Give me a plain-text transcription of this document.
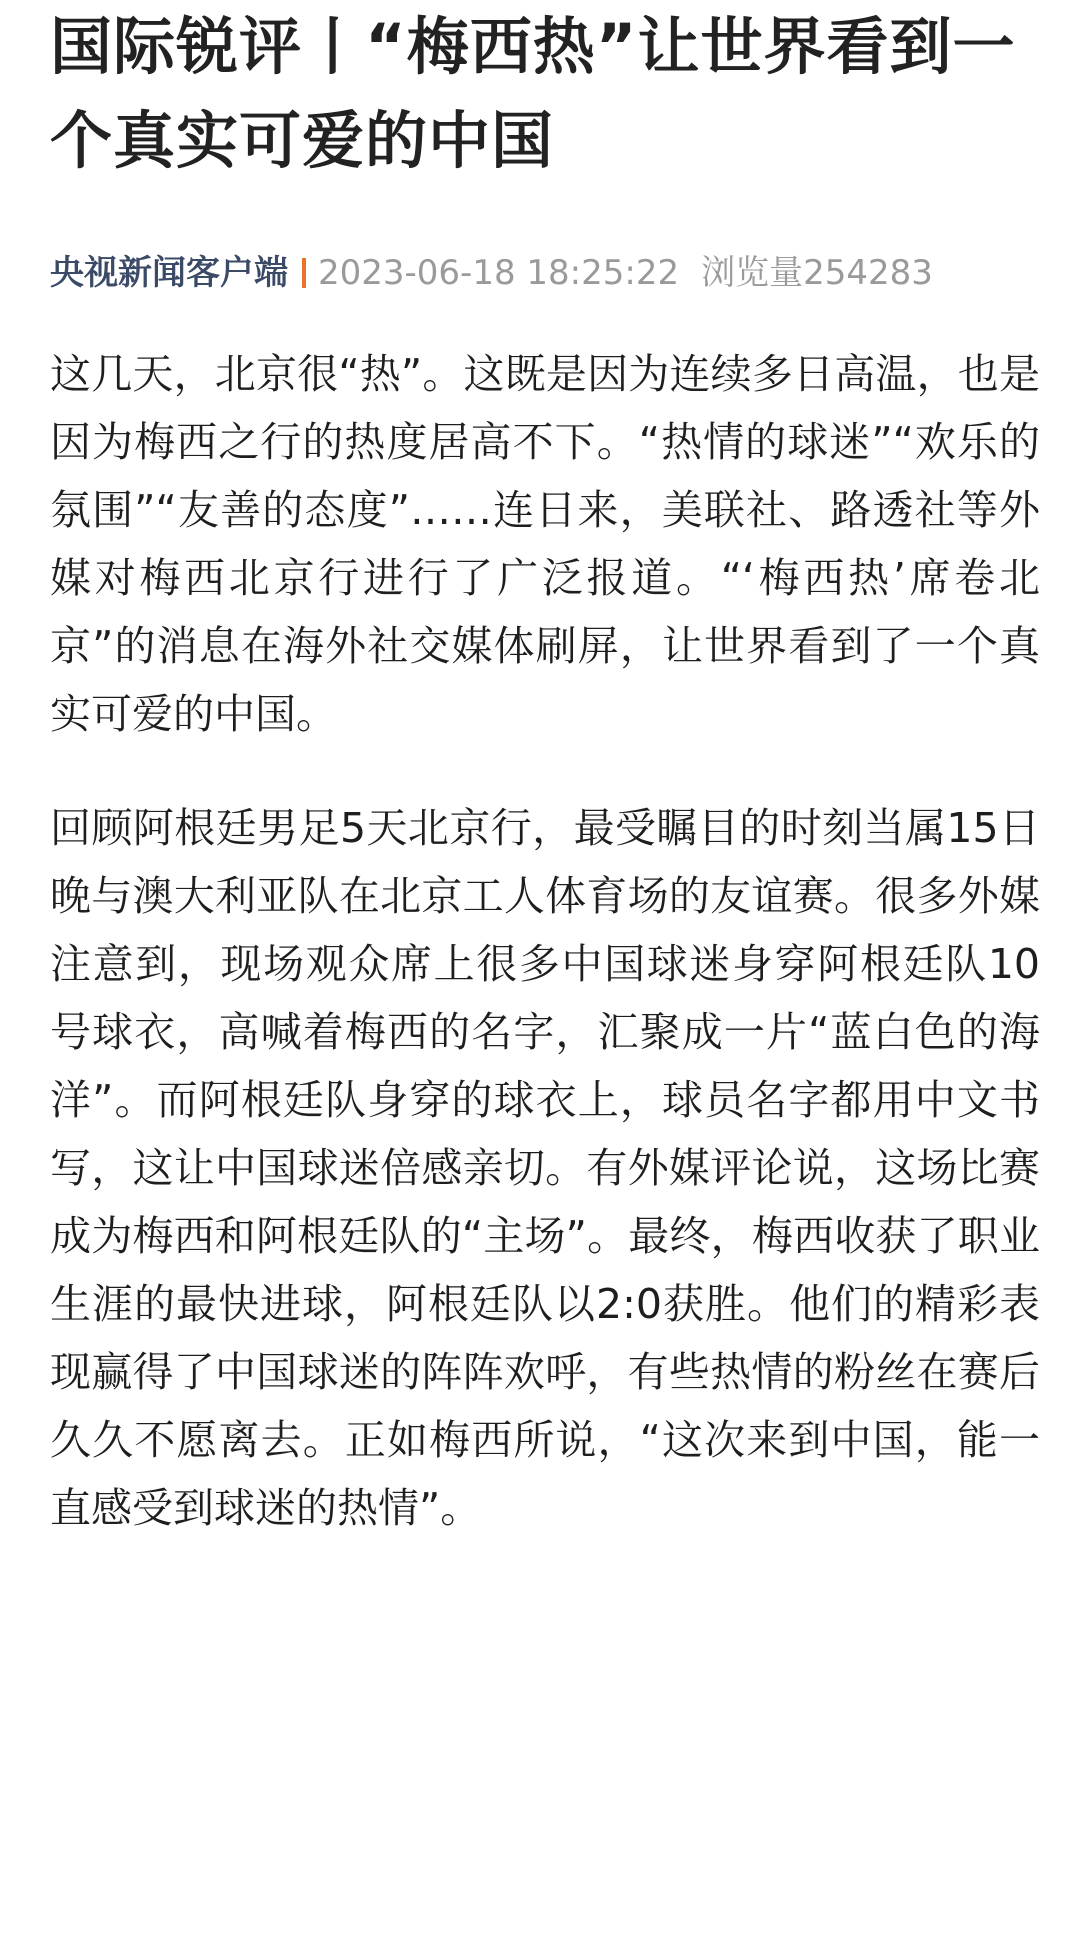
国际锐评丨“梅西热”让世界看到一个真实可爱的中国
央视新闻客户端 2023-06-18 18:25:22 浏览量254283

这几天，北京很“热”。这既是因为连续多日高温，也是因为梅西之行的热度居高不下。“热情的球迷”“欢乐的氛围”“友善的态度”……连日来，美联社、路透社等外媒对梅西北京行进行了广泛报道。“‘梅西热’席卷北京”的消息在海外社交媒体刷屏，让世界看到了一个真实可爱的中国。

回顾阿根廷男足5天北京行，最受瞩目的时刻当属15日晚与澳大利亚队在北京工人体育场的友谊赛。很多外媒注意到，现场观众席上很多中国球迷身穿阿根廷队10号球衣，高喊着梅西的名字，汇聚成一片“蓝白色的海洋”。而阿根廷队身穿的球衣上，球员名字都用中文书写，这让中国球迷倍感亲切。有外媒评论说，这场比赛成为梅西和阿根廷队的“主场”。最终，梅西收获了职业生涯的最快进球，阿根廷队以2:0获胜。他们的精彩表现赢得了中国球迷的阵阵欢呼，有些热情的粉丝在赛后久久不愿离去。正如梅西所说，“这次来到中国，能一直感受到球迷的热情”。
